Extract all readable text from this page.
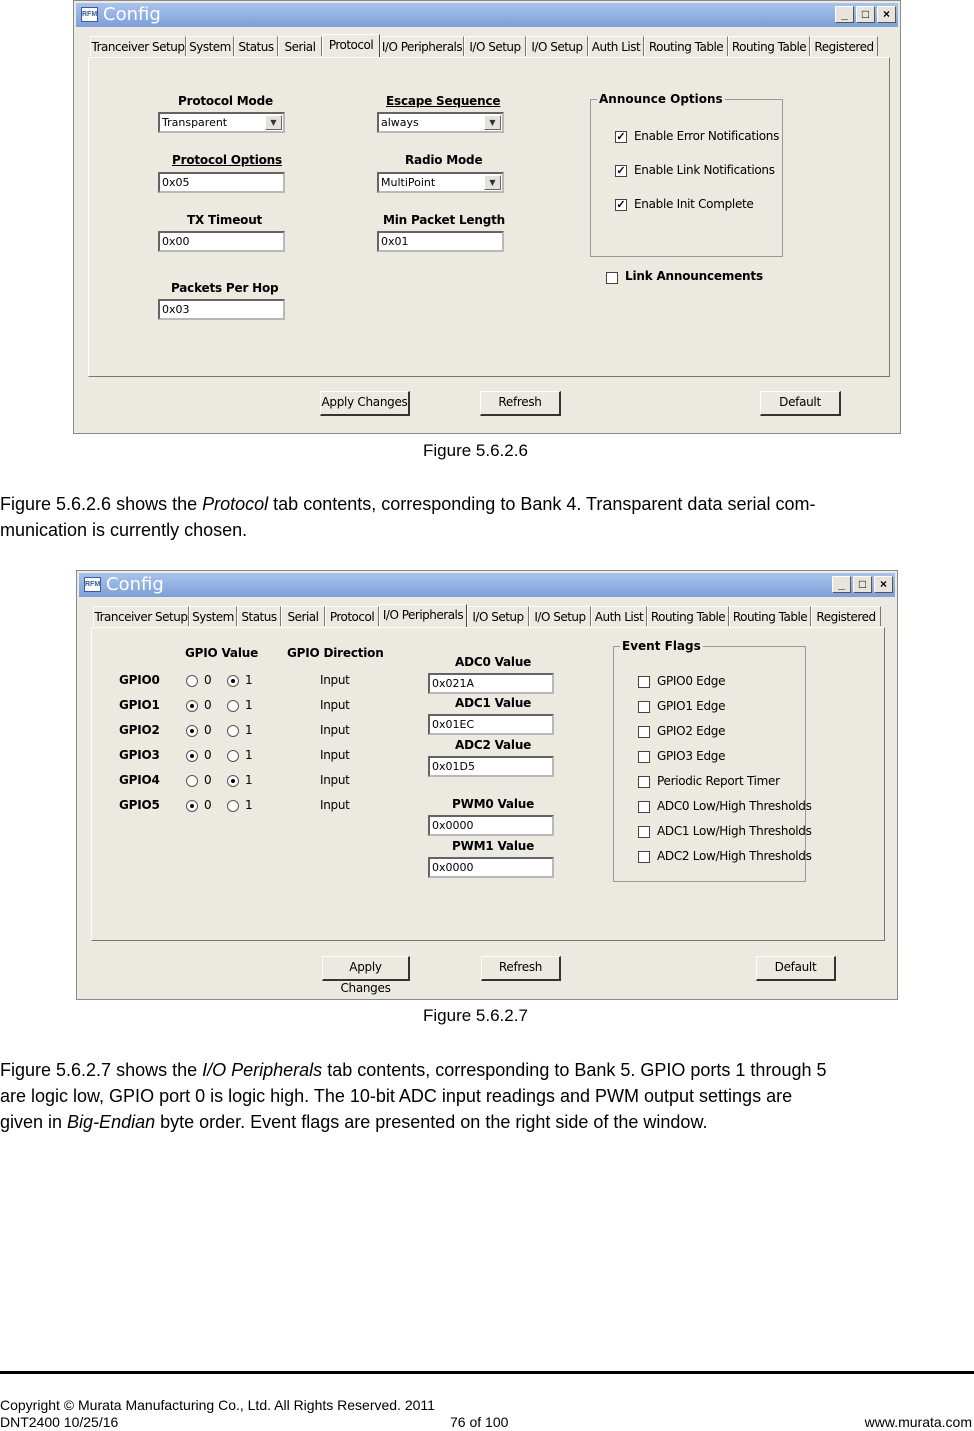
RFM Config	_	□	×
Tranceiver Setup System Status Serial	Protocol I/O Peripherals I/O Setup I/O Setup Auth List Routing Table Routing Table Registered
Protocol Mode
Transparent	▼
Protocol Options
0x05
TX Timeout
0x00
Packets Per Hop
0x03
Escape Sequence
always	▼
Radio Mode
MultiPoint	▼
Min Packet Length
0x01
Announce Options
✓ Enable Error Notifications
✓ Enable Link Notifications
✓ Enable Init Complete
Link Announcements
Apply Changes	Refresh	Default
Figure 5.6.2.6
Figure 5.6.2.6 shows the Protocol tab contents, corresponding to Bank 4. Transparent data serial com-
munication is currently chosen.
RFM Config	_	□	×
Tranceiver Setup System Status Serial Protocol I/O Peripherals I/O Setup I/O Setup Auth List Routing Table Routing Table Registered
GPIO Value GPIO Direction
GPIO0	0	1	Input
GPIO1	0	1	Input
GPIO2	0	1	Input
GPIO3	0	1	Input
GPIO4	0	1	Input
GPIO5	0	1	Input
ADC0 Value
0x021A
ADC1 Value
0x01EC
ADC2 Value
0x01D5
PWM0 Value
0x0000
PWM1 Value
0x0000
Event Flags
GPIO0 Edge
GPIO1 Edge
GPIO2 Edge
GPIO3 Edge
Periodic Report Timer
ADC0 Low/High Thresholds
ADC1 Low/High Thresholds
ADC2 Low/High Thresholds
Apply Changes
Refresh	Default
Figure 5.6.2.7
Figure 5.6.2.7 shows the I/O Peripherals tab contents, corresponding to Bank 5. GPIO ports 1 through 5
are logic low, GPIO port 0 is logic high. The 10-bit ADC input readings and PWM output settings are
given in Big-Endian byte order. Event flags are presented on the right side of the window.
Copyright © Murata Manufacturing Co., Ltd. All Rights Reserved. 2011
DNT2400 10/25/16	76 of 100	www.murata.com
